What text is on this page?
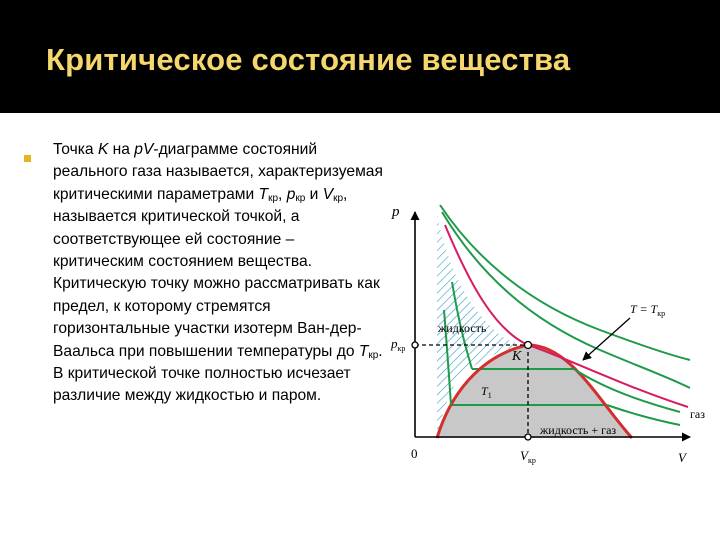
Критическое состояние вещества

Точка K на pV-диаграмме состояний реального газа называется, характеризуемая критическими параметрами $T_{кр}$, $p_{кр}$ и $V_{кр}$, называется критической точкой, а соответствующее ей состояние – критическим состоянием вещества. Критическую точку можно рассматривать как предел, к которому стремятся горизонтальные участки изотерм Ван-дер-Ваальса при повышении температуры до $T_{кр}$. В критической точке полностью исчезает различие между жидкостью и паром.

p
V
0
$p_{кр}$
$V_{кр}$
K
$T = T_{кр}$
$T_1$
жидкость
газ
жидкость + газ
